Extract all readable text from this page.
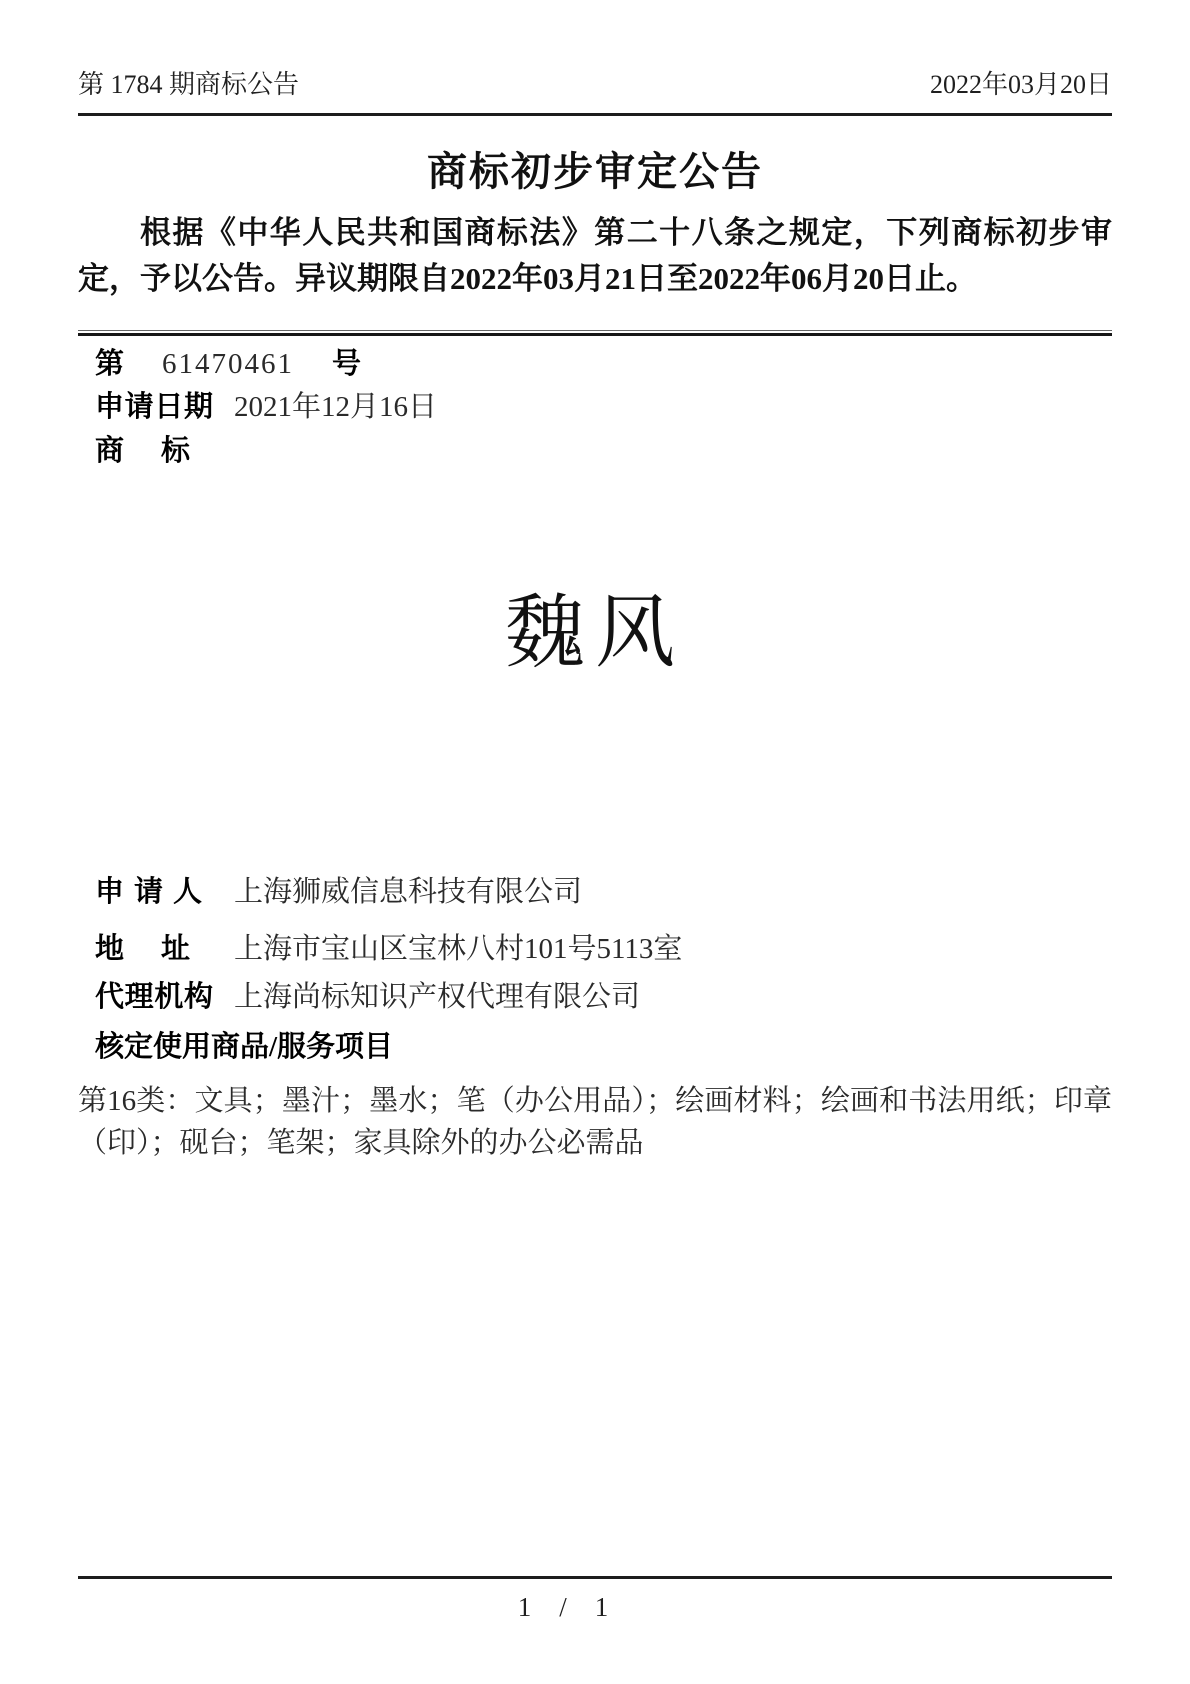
第 1784 期商标公告	2022年03月20日
商标初步审定公告
根据《中华人民共和国商标法》第二十八条之规定，下列商标初步审定，予以公告。异议期限自2022年03月21日至2022年06月20日止。
第 61470461 号
申请日期 2021年12月16日
商标
魏风
申请人 上海狮威信息科技有限公司
地址 上海市宝山区宝林八村101号5113室
代理机构 上海尚标知识产权代理有限公司
核定使用商品/服务项目
第16类：文具；墨汁；墨水；笔（办公用品）；绘画材料；绘画和书法用纸；印章（印）；砚台；笔架；家具除外的办公必需品
1 / 1
